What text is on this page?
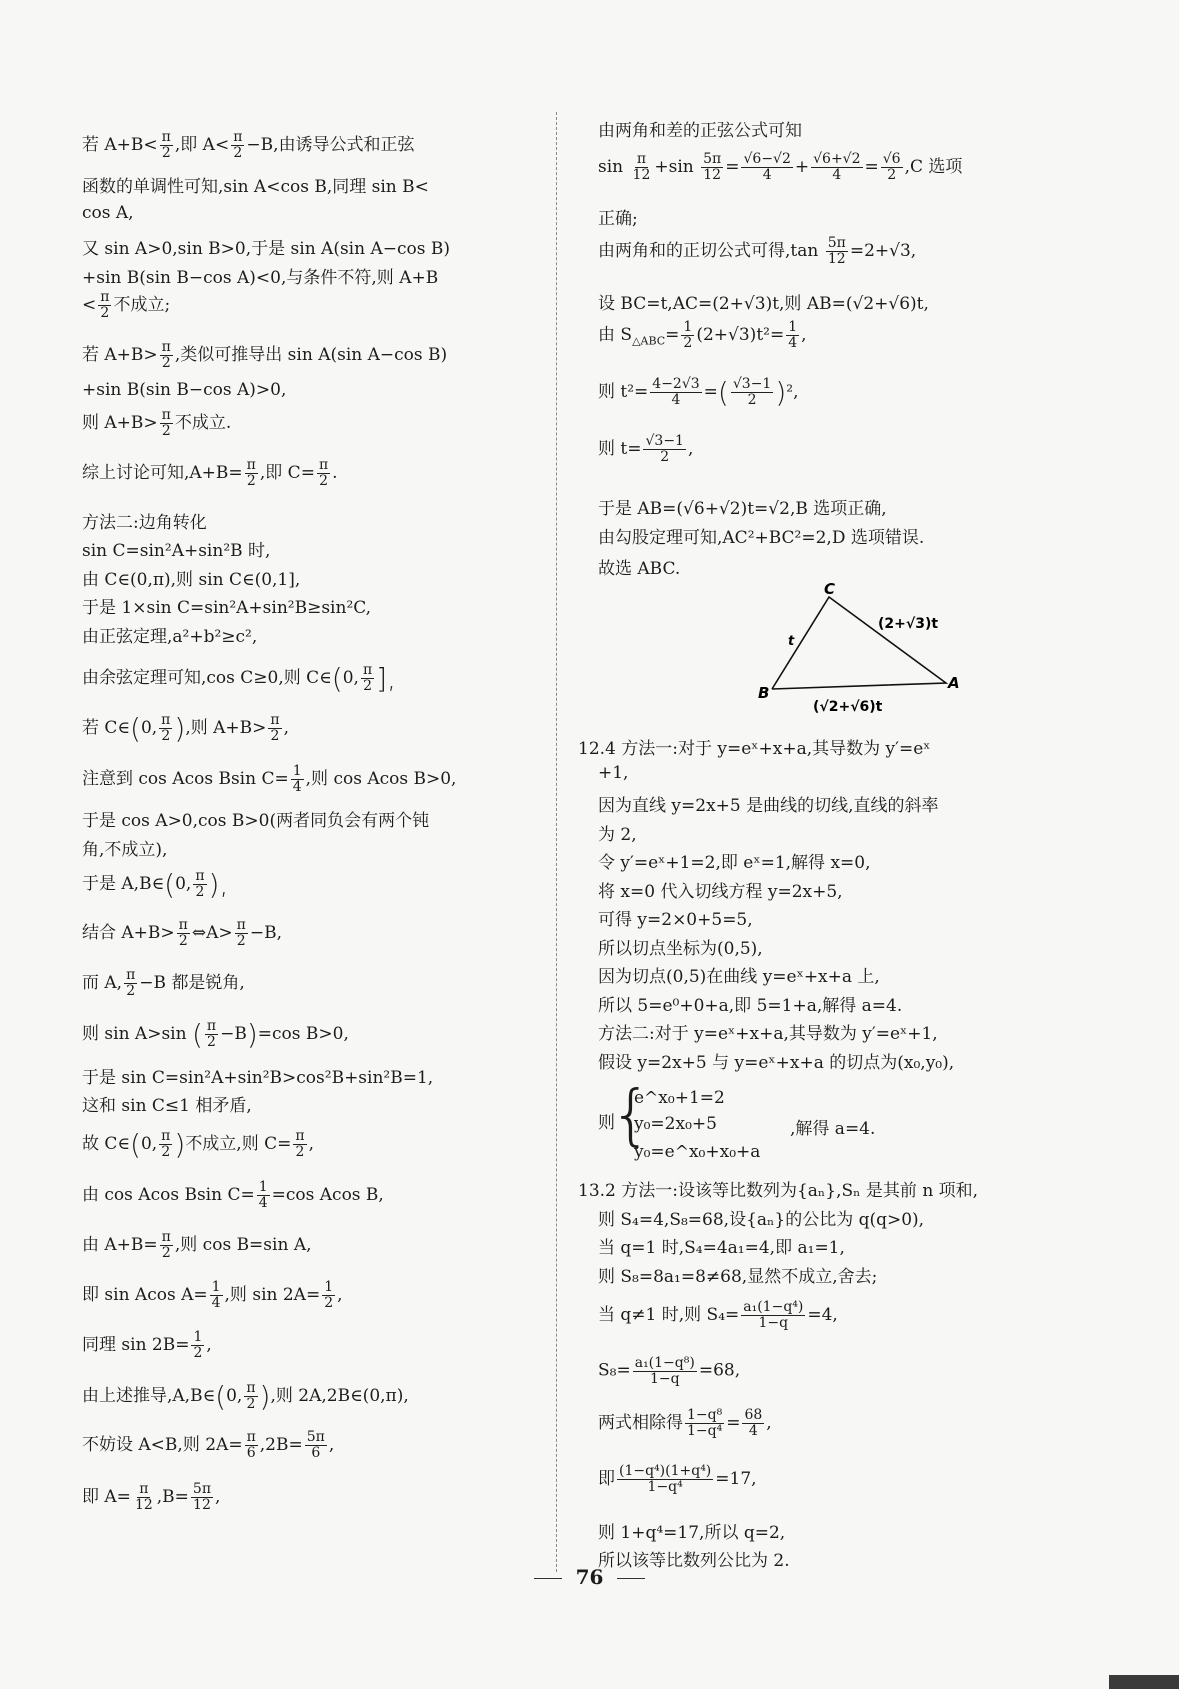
若 $A+B< \frac{\pi}{2}$ ,即 $A< \frac{\pi}{2} -B$,由诱导公式和正弦
函数的单调性可知,sin A<cos B,同理 sin B<
cos A,
又 sin A>0,sin B>0,于是 sin A(sin A−cos B)
+sin B(sin B−cos A)<0,与条件不符,则 A+B
< $\frac{\pi}{2}$ 不成立;
若 $A+B> \frac{\pi}{2}$ ,类似可推导出 sin A(sin A−cos B)
+sin B(sin B−cos A)>0,
则 $A+B> \frac{\pi}{2}$ 不成立.
综上讨论可知$,A+B= \frac{\pi}{2}$ ,即 $C= \frac{\pi}{2}$ .
方法二:边角转化
sin C=sin²A+sin²B 时,
由 C∈(0,π),则 sin C∈(0,1],
于是 1×sin C=sin²A+sin²B≥sin²C,
由正弦定理,a²+b²≥c²,
由余弦定理可知,cos C≥0,则 C∈(0, $\frac{\pi}{2}$ ],
若 C∈(0, $\frac{\pi}{2}$ ),则 $A+B> \frac{\pi}{2}$ ,
注意到 cos Acos Bsin $C= \frac{1}{4}$ ,则 cos Acos B>0,
于是 cos A>0,cos B>0(两者同负会有两个钝
角,不成立),
于是 A,B∈(0, $\frac{\pi}{2}$ ),
结合 $A+B> \frac{\pi}{2}$ ⇔A> $\frac{\pi}{2} -B$,
而 A, $\frac{\pi}{2} -B$ 都是锐角,
则 sin A>sin ( $\frac{\pi}{2} -B)=\cos$ B>0,
于是 sin C=sin²A+sin²B>cos²B+sin²B=1,
这和 sin C≤1 相矛盾,
故 C∈(0, $\frac{\pi}{2}$ )不成立,则 $C= \frac{\pi}{2}$ ,
由 cos Acos Bsin $C= \frac{1}{4} =\cos$ Acos B,
由 $A+B= \frac{\pi}{2}$ ,则 cos B=sin A,
即 sin Acos $A= \frac{1}{4}$ ,则 $\sin 2A= \frac{1}{2}$ ,
同理 $\sin 2B= \frac{1}{2}$ ,
由上述推导,A,B∈(0, $\frac{\pi}{2}$ ),则 2A,2B∈(0,π),
不妨设 A<B,则 $2A= \frac{\pi}{6} ,2B= \frac{5\pi}{6}$ ,
即 $A= \frac{\pi}{12} ,B= \frac{5\pi}{12}$ ,
由两角和差的正弦公式可知
$\sin \frac{\pi}{12} +\sin \frac{5\pi}{12} = \frac{√6-√2}{4} + \frac{√6+√2}{4} = \frac{√6}{2} ,C$ 选项
正确;
由两角和的正切公式可得$,\tan \frac{5\pi}{12} =2+√3$,
设 BC=t,AC=(2+√3)t,则 AB=(√2+√6)t,
由 $S_{\triangle ABC}= \frac{1}{2} (2+√3)t^2= \frac{1}{4}$ ,
则 $t^2= \frac{4-2√3}{4}$ =( $\frac{√3-1}{2} )^2$,
则 $t= \frac{√3-1}{2}$ ,
于是 AB=(√6+√2)t=√2,B 选项正确,
由勾股定理可知,AC²+BC²=2,D 选项错误.
故选 ABC.
C
B
A
t
(2+√3)t
(√2+√6)t
12.4 方法一:对于 y=eˣ+x+a,其导数为 y′=eˣ
+1,
因为直线 y=2x+5 是曲线的切线,直线的斜率
为 2,
令 y′=eˣ+1=2,即 eˣ=1,解得 x=0,
将 x=0 代入切线方程 y=2x+5,
可得 y=2×0+5=5,
所以切点坐标为(0,5),
因为切点(0,5)在曲线 y=eˣ+x+a 上,
所以 5=e⁰+0+a,即 5=1+a,解得 a=4.
方法二:对于 y=eˣ+x+a,其导数为 y′=eˣ+1,
假设 y=2x+5 与 y=eˣ+x+a 的切点为(x₀,y₀),
则
{
e^x₀+1=2
y₀=2x₀+5
y₀=e^x₀+x₀+a
,解得 a=4.
13.2 方法一:设该等比数列为{aₙ},Sₙ 是其前 n 项和,
则 S₄=4,S₈=68,设{aₙ}的公比为 q(q>0),
当 q=1 时,S₄=4a₁=4,即 a₁=1,
则 S₈=8a₁=8≠68,显然不成立,舍去;
当 q≠1 时,则 $S_4= \frac{\text{a₁(1−q⁴)}}{1-q} =4$,
$S_8= \frac{\text{a₁(1−q⁸)}}{1-q} =68$,
两式相除得 $\frac{\text{1−q⁸}}{\text{1−q⁴}} = \frac{68}{4}$ ,
即 $\frac{\text{(1−q⁴)(1+q⁴)}}{\text{1−q⁴}} =17$,
则 1+q⁴=17,所以 q=2,
所以该等比数列公比为 2.
76
